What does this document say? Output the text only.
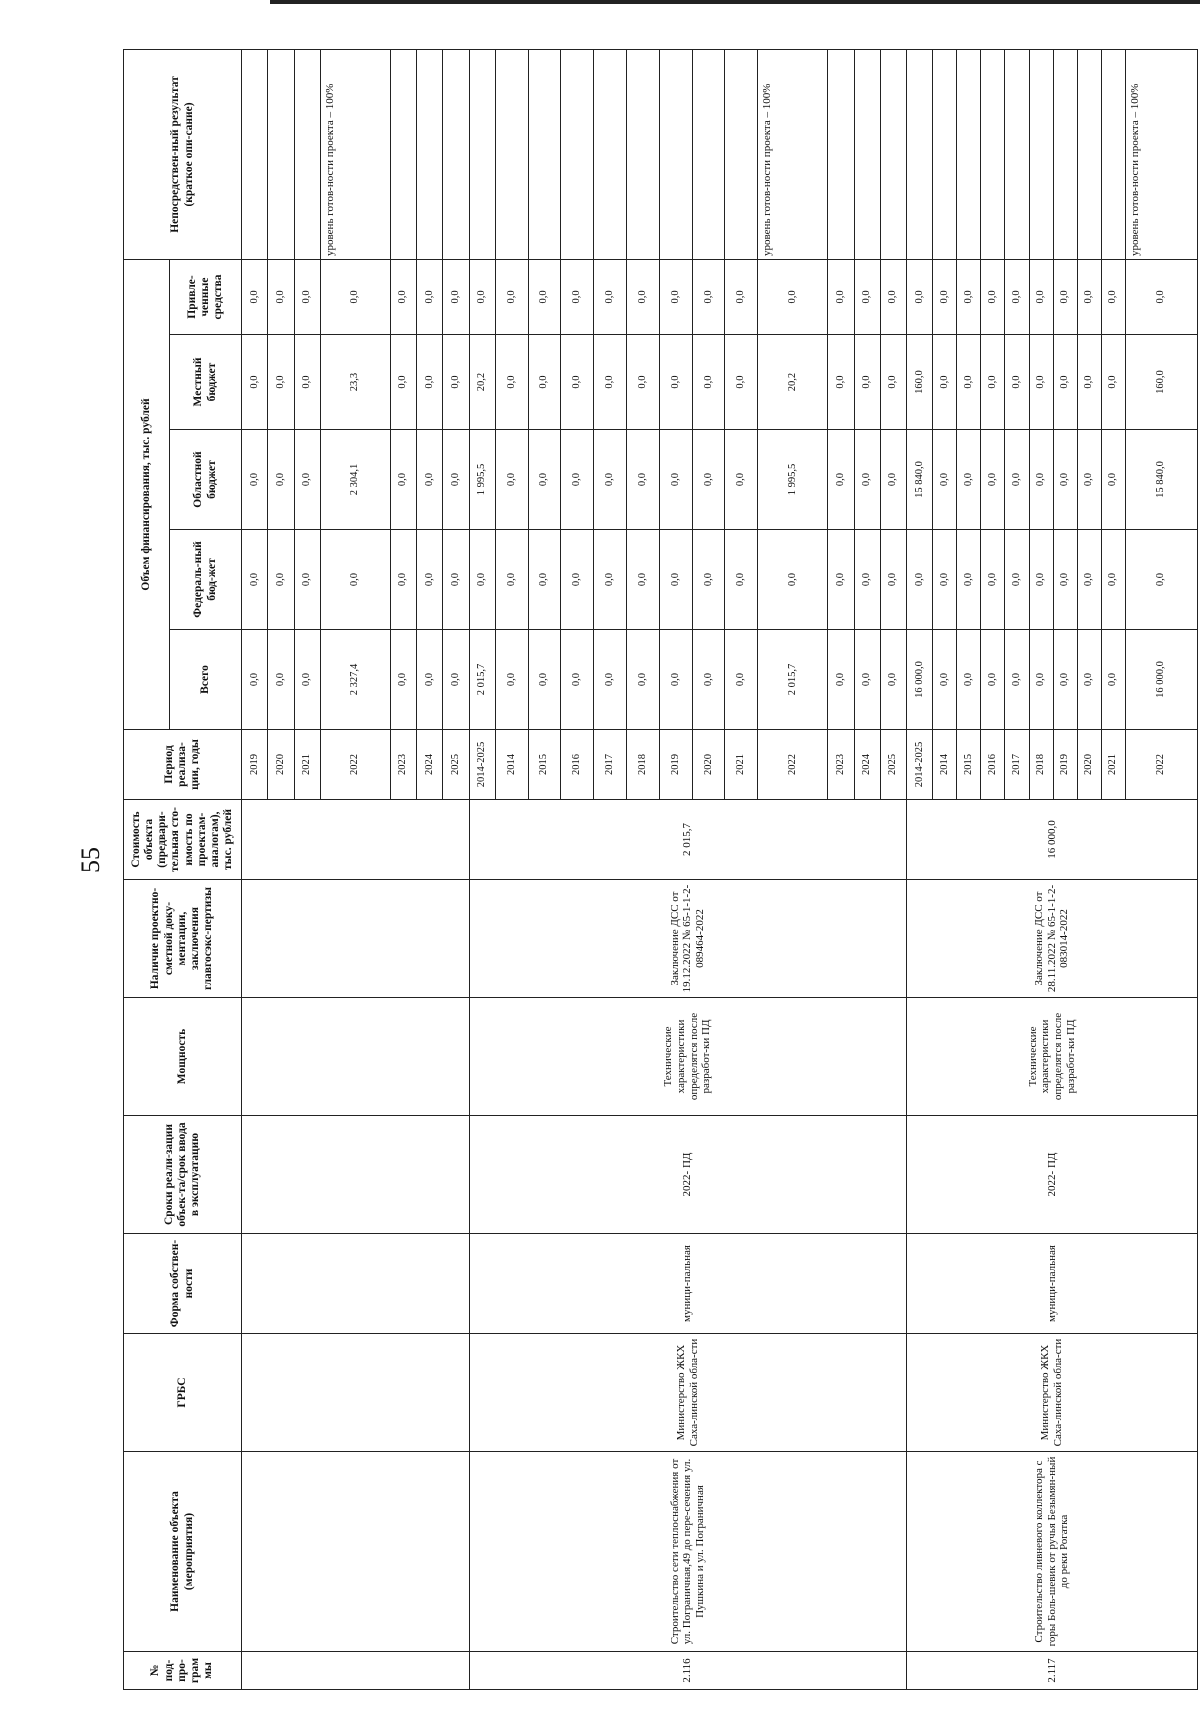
55
№ под-про-грам мы	Наименование объекта (мероприятия)	ГРБС	Форма собствен-ности	Сроки реали-зации объек-та/срок ввода в эксплуатацию	Мощность	Наличие проектно-сметной доку-ментации, заключения главгосэкс-пертизы	Стоимость объекта (предвари-тельная сто-имость по проектам-аналогам), тыс. рублей	Период реализа-ции, годы	Объем финансирования, тыс. рублей					Непосредствен-ный результат (краткое опи-сание)
									Всего	Федераль-ный бюд-жет	Областной бюджет	Местный бюджет	Привле-ченные средства	
								2019	0,0	0,0	0,0	0,0	0,0	
								2020	0,0	0,0	0,0	0,0	0,0	
								2021	0,0	0,0	0,0	0,0	0,0	
								2022	2 327,4	0,0	2 304,1	23,3	0,0	уровень готов-ности проекта – 100%
								2023	0,0	0,0	0,0	0,0	0,0	
								2024	0,0	0,0	0,0	0,0	0,0	
								2025	0,0	0,0	0,0	0,0	0,0	
2.116	Строительство сети теплоснабжения от ул. Пограничная,49 до пере-сечения ул. Пушкина и ул. Пограничная	Министерство ЖКХ Саха-линской обла-сти	муници-пальная	2022- ПД	Технические характеристики определятся после разработ-ки ПД	Заключение ДСС от 19.12.2022 № 65-1-1-2-089464-2022	2 015,7	2014-2025	2 015,7	0,0	1 995,5	20,2	0,0	
								2014	0,0	0,0	0,0	0,0	0,0	
								2015	0,0	0,0	0,0	0,0	0,0	
								2016	0,0	0,0	0,0	0,0	0,0	
								2017	0,0	0,0	0,0	0,0	0,0	
								2018	0,0	0,0	0,0	0,0	0,0	
								2019	0,0	0,0	0,0	0,0	0,0	
								2020	0,0	0,0	0,0	0,0	0,0	
								2021	0,0	0,0	0,0	0,0	0,0	
								2022	2 015,7	0,0	1 995,5	20,2	0,0	уровень готов-ности проекта – 100%
								2023	0,0	0,0	0,0	0,0	0,0	
								2024	0,0	0,0	0,0	0,0	0,0	
								2025	0,0	0,0	0,0	0,0	0,0	
2.117	Строительство ливневого коллектора с горы Боль-шевик от ручья Безымян-ный до реки Рогатка	Министерство ЖКХ Саха-линской обла-сти	муници-пальная	2022- ПД	Технические характеристики определятся после разработ-ки ПД	Заключение ДСС от 28.11.2022 № 65-1-1-2-083014-2022	16 000,0	2014-2025	16 000,0	0,0	15 840,0	160,0	0,0	
								2014	0,0	0,0	0,0	0,0	0,0	
								2015	0,0	0,0	0,0	0,0	0,0	
								2016	0,0	0,0	0,0	0,0	0,0	
								2017	0,0	0,0	0,0	0,0	0,0	
								2018	0,0	0,0	0,0	0,0	0,0	
								2019	0,0	0,0	0,0	0,0	0,0	
								2020	0,0	0,0	0,0	0,0	0,0	
								2021	0,0	0,0	0,0	0,0	0,0	
								2022	16 000,0	0,0	15 840,0	160,0	0,0	уровень готов-ности проекта – 100%
